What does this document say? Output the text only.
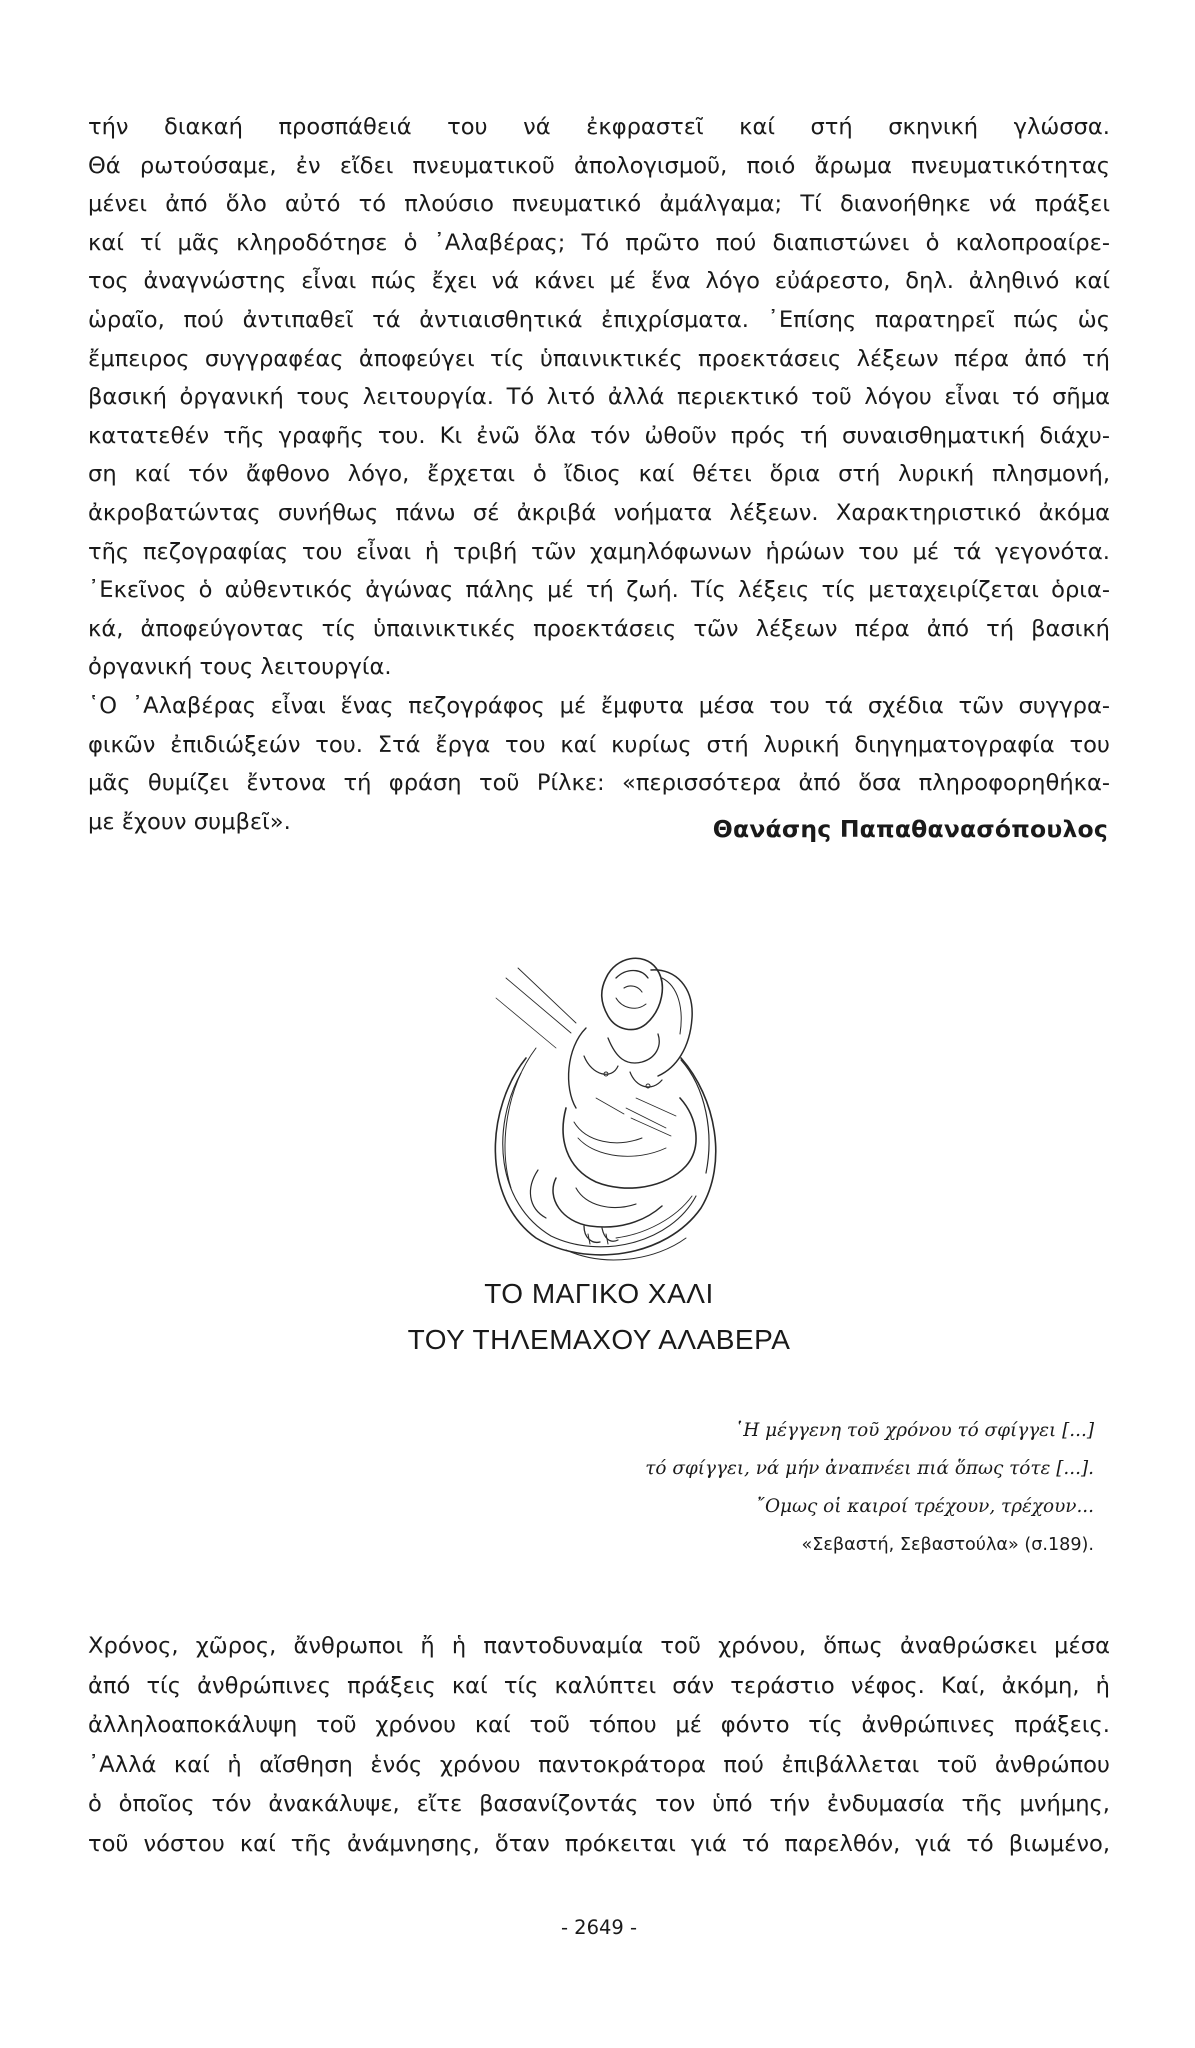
τήν διακαή προσπάθειά του νά ἐκφραστεῖ καί στή σκηνική γλώσσα.

Θά ρωτούσαμε, ἐν εἴδει πνευματικοῦ ἀπολογισμοῦ, ποιό ἄρωμα πνευματικότητας

μένει ἀπό ὅλο αὐτό τό πλούσιο πνευματικό ἀμάλγαμα; Τί διανοήθηκε νά πράξει

καί τί μᾶς κληροδότησε ὁ ᾿Αλαβέρας; Τό πρῶτο πού διαπιστώνει ὁ καλοπροαίρε-

τος ἀναγνώστης εἶναι πώς ἔχει νά κάνει μέ ἕνα λόγο εὐάρεστο, δηλ. ἀληθινό καί

ὡραῖο, πού ἀντιπαθεῖ τά ἀντιαισθητικά ἐπιχρίσματα. ᾿Επίσης παρατηρεῖ πώς ὡς

ἔμπειρος συγγραφέας ἀποφεύγει τίς ὑπαινικτικές προεκτάσεις λέξεων πέρα ἀπό τή

βασική ὀργανική τους λειτουργία. Τό λιτό ἀλλά περιεκτικό τοῦ λόγου εἶναι τό σῆμα

κατατεθέν τῆς γραφῆς του. Κι ἐνῶ ὅλα τόν ὠθοῦν πρός τή συναισθηματική διάχυ-

ση καί τόν ἄφθονο λόγο, ἔρχεται ὁ ἴδιος καί θέτει ὅρια στή λυρική πλησμονή,

ἀκροβατώντας συνήθως πάνω σέ ἀκριβά νοήματα λέξεων. Χαρακτηριστικό ἀκόμα

τῆς πεζογραφίας του εἶναι ἡ τριβή τῶν χαμηλόφωνων ἡρώων του μέ τά γεγονότα.

᾿Εκεῖνος ὁ αὐθεντικός ἀγώνας πάλης μέ τή ζωή. Τίς λέξεις τίς μεταχειρίζεται ὁρια-

κά, ἀποφεύγοντας τίς ὑπαινικτικές προεκτάσεις τῶν λέξεων πέρα ἀπό τή βασική

ὀργανική τους λειτουργία.

῾Ο ᾿Αλαβέρας εἶναι ἕνας πεζογράφος μέ ἔμφυτα μέσα του τά σχέδια τῶν συγγρα-

φικῶν ἐπιδιώξεών του. Στά ἔργα του καί κυρίως στή λυρική διηγηματογραφία του

μᾶς θυμίζει ἔντονα τή φράση τοῦ Ρίλκε: «περισσότερα ἀπό ὅσα πληροφορηθήκα-

με ἔχουν συμβεῖ».	Θανάσης Παπαθανασόπουλος
ΤΟ ΜΑΓΙΚΟ ΧΑΛΙ
ΤΟΥ ΤΗΛΕΜΑΧΟΥ ΑΛΑΒΕΡΑ
῾Η μέγγενη τοῦ χρόνου τό σφίγγει [...]
τό σφίγγει, νά μήν ἀναπνέει πιά ὅπως τότε [...].
῎Ομως οἱ καιροί τρέχουν, τρέχουν...
«Σεβαστή, Σεβαστούλα» (σ.189).

Χρόνος, χῶρος, ἄνθρωποι ἤ ἡ παντοδυναμία τοῦ χρόνου, ὅπως ἀναθρώσκει μέσα

ἀπό τίς ἀνθρώπινες πράξεις καί τίς καλύπτει σάν τεράστιο νέφος. Καί, ἀκόμη, ἡ

ἀλληλοαποκάλυψη τοῦ χρόνου καί τοῦ τόπου μέ φόντο τίς ἀνθρώπινες πράξεις.

᾿Αλλά καί ἡ αἴσθηση ἑνός χρόνου παντοκράτορα πού ἐπιβάλλεται τοῦ ἀνθρώπου

ὁ ὁποῖος τόν ἀνακάλυψε, εἴτε βασανίζοντάς τον ὑπό τήν ἐνδυμασία τῆς μνήμης,

τοῦ νόστου καί τῆς ἀνάμνησης, ὅταν πρόκειται γιά τό παρελθόν, γιά τό βιωμένο,

- 2649 -
